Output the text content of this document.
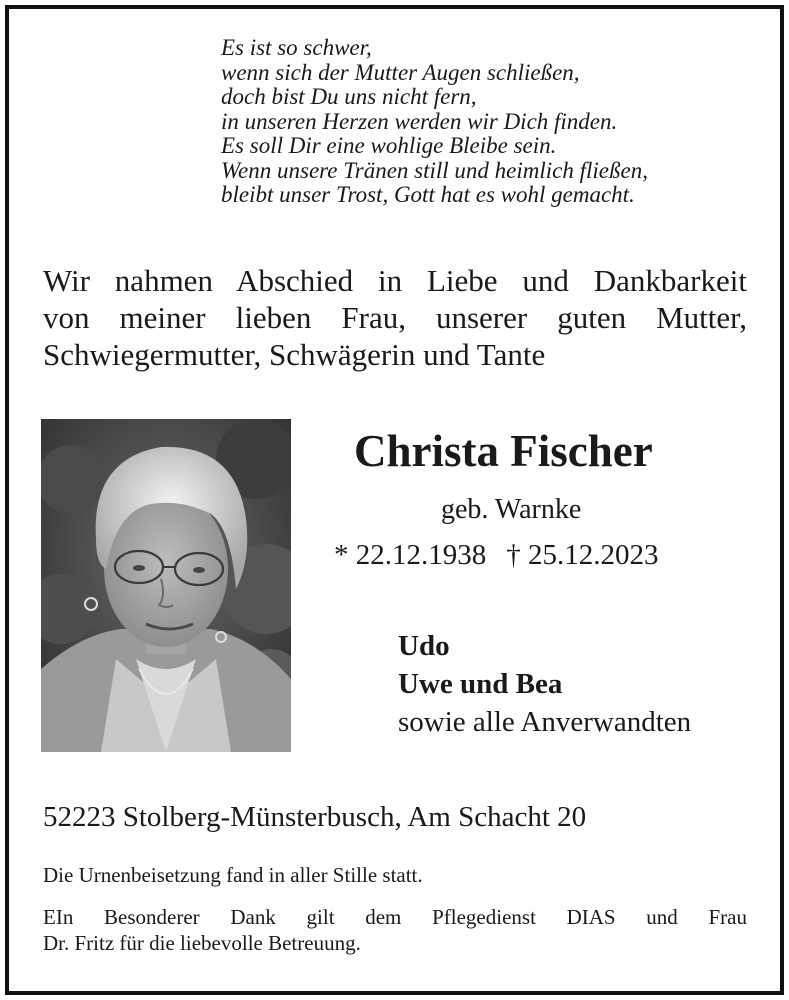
Es ist so schwer,
wenn sich der Mutter Augen schließen,
doch bist Du uns nicht fern,
in unseren Herzen werden wir Dich finden.
Es soll Dir eine wohlige Bleibe sein.
Wenn unsere Tränen still und heimlich fließen,
bleibt unser Trost, Gott hat es wohl gemacht.
Wir nahmen Abschied in Liebe und Dankbarkeit
von meiner lieben Frau, unserer guten Mutter,
Schwiegermutter, Schwägerin und Tante
Christa Fischer
geb. Warnke
* 22.12.1938 † 25.12.2023
Udo
Uwe und Bea
sowie alle Anverwandten
52223 Stolberg-Münsterbusch, Am Schacht 20
Die Urnenbeisetzung fand in aller Stille statt.
EIn Besonderer Dank gilt dem Pflegedienst DIAS und Frau
Dr. Fritz für die liebevolle Betreuung.
